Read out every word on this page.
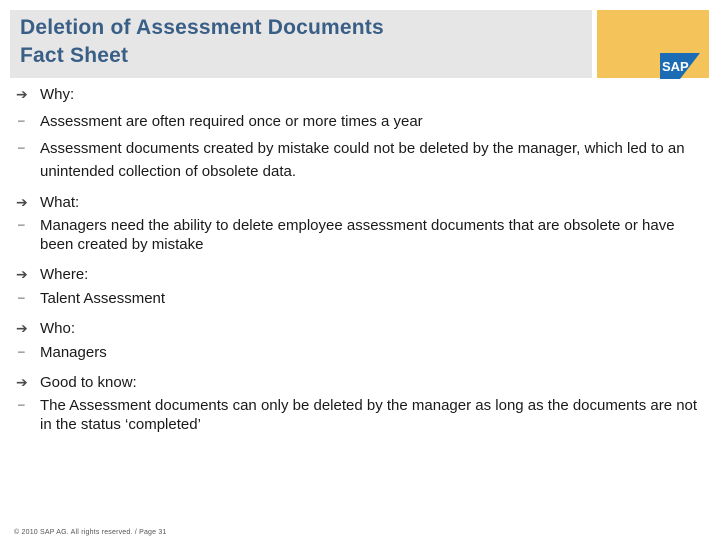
Deletion of Assessment Documents
Fact Sheet	SAP
➔ Why:
–	Assessment are often required once or more times a year
–	Assessment documents created by mistake could not be deleted by the manager, which led to an unintended collection of obsolete data.
➔ What:
–	Managers need the ability to delete employee assessment documents that are obsolete or have been created by mistake
➔ Where:
–	Talent Assessment
➔ Who:
–	Managers
➔ Good to know:
–	The Assessment documents can only be deleted by the manager as long as the documents are not in the status ‘completed’
© 2010 SAP AG. All rights reserved. / Page 31
